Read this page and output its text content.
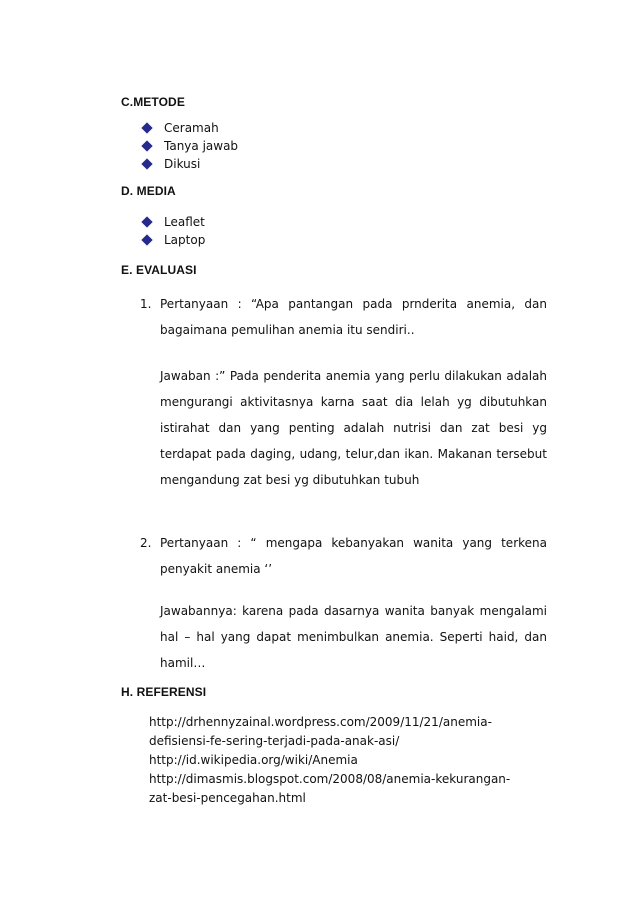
C.METODE
Ceramah
Tanya jawab
Dikusi
D. MEDIA
Leaflet
Laptop
E. EVALUASI
1. Pertanyaan : “Apa pantangan pada prnderita anemia, dan bagaimana pemulihan anemia itu sendiri..

Jawaban :” Pada penderita anemia yang perlu dilakukan adalah mengurangi aktivitasnya karna saat dia lelah yg dibutuhkan istirahat dan yang penting adalah nutrisi dan zat besi yg terdapat pada daging, udang, telur,dan ikan. Makanan tersebut mengandung zat besi yg dibutuhkan tubuh

2. Pertanyaan : “ mengapa kebanyakan wanita yang terkena penyakit anemia ‘’

Jawabannya: karena pada dasarnya wanita banyak mengalami hal – hal yang dapat menimbulkan anemia. Seperti haid, dan hamil…

H. REFERENSI
http://drhennyzainal.wordpress.com/2009/11/21/anemia-
defisiensi-fe-sering-terjadi-pada-anak-asi/
http://id.wikipedia.org/wiki/Anemia
http://dimasmis.blogspot.com/2008/08/anemia-kekurangan-
zat-besi-pencegahan.html
